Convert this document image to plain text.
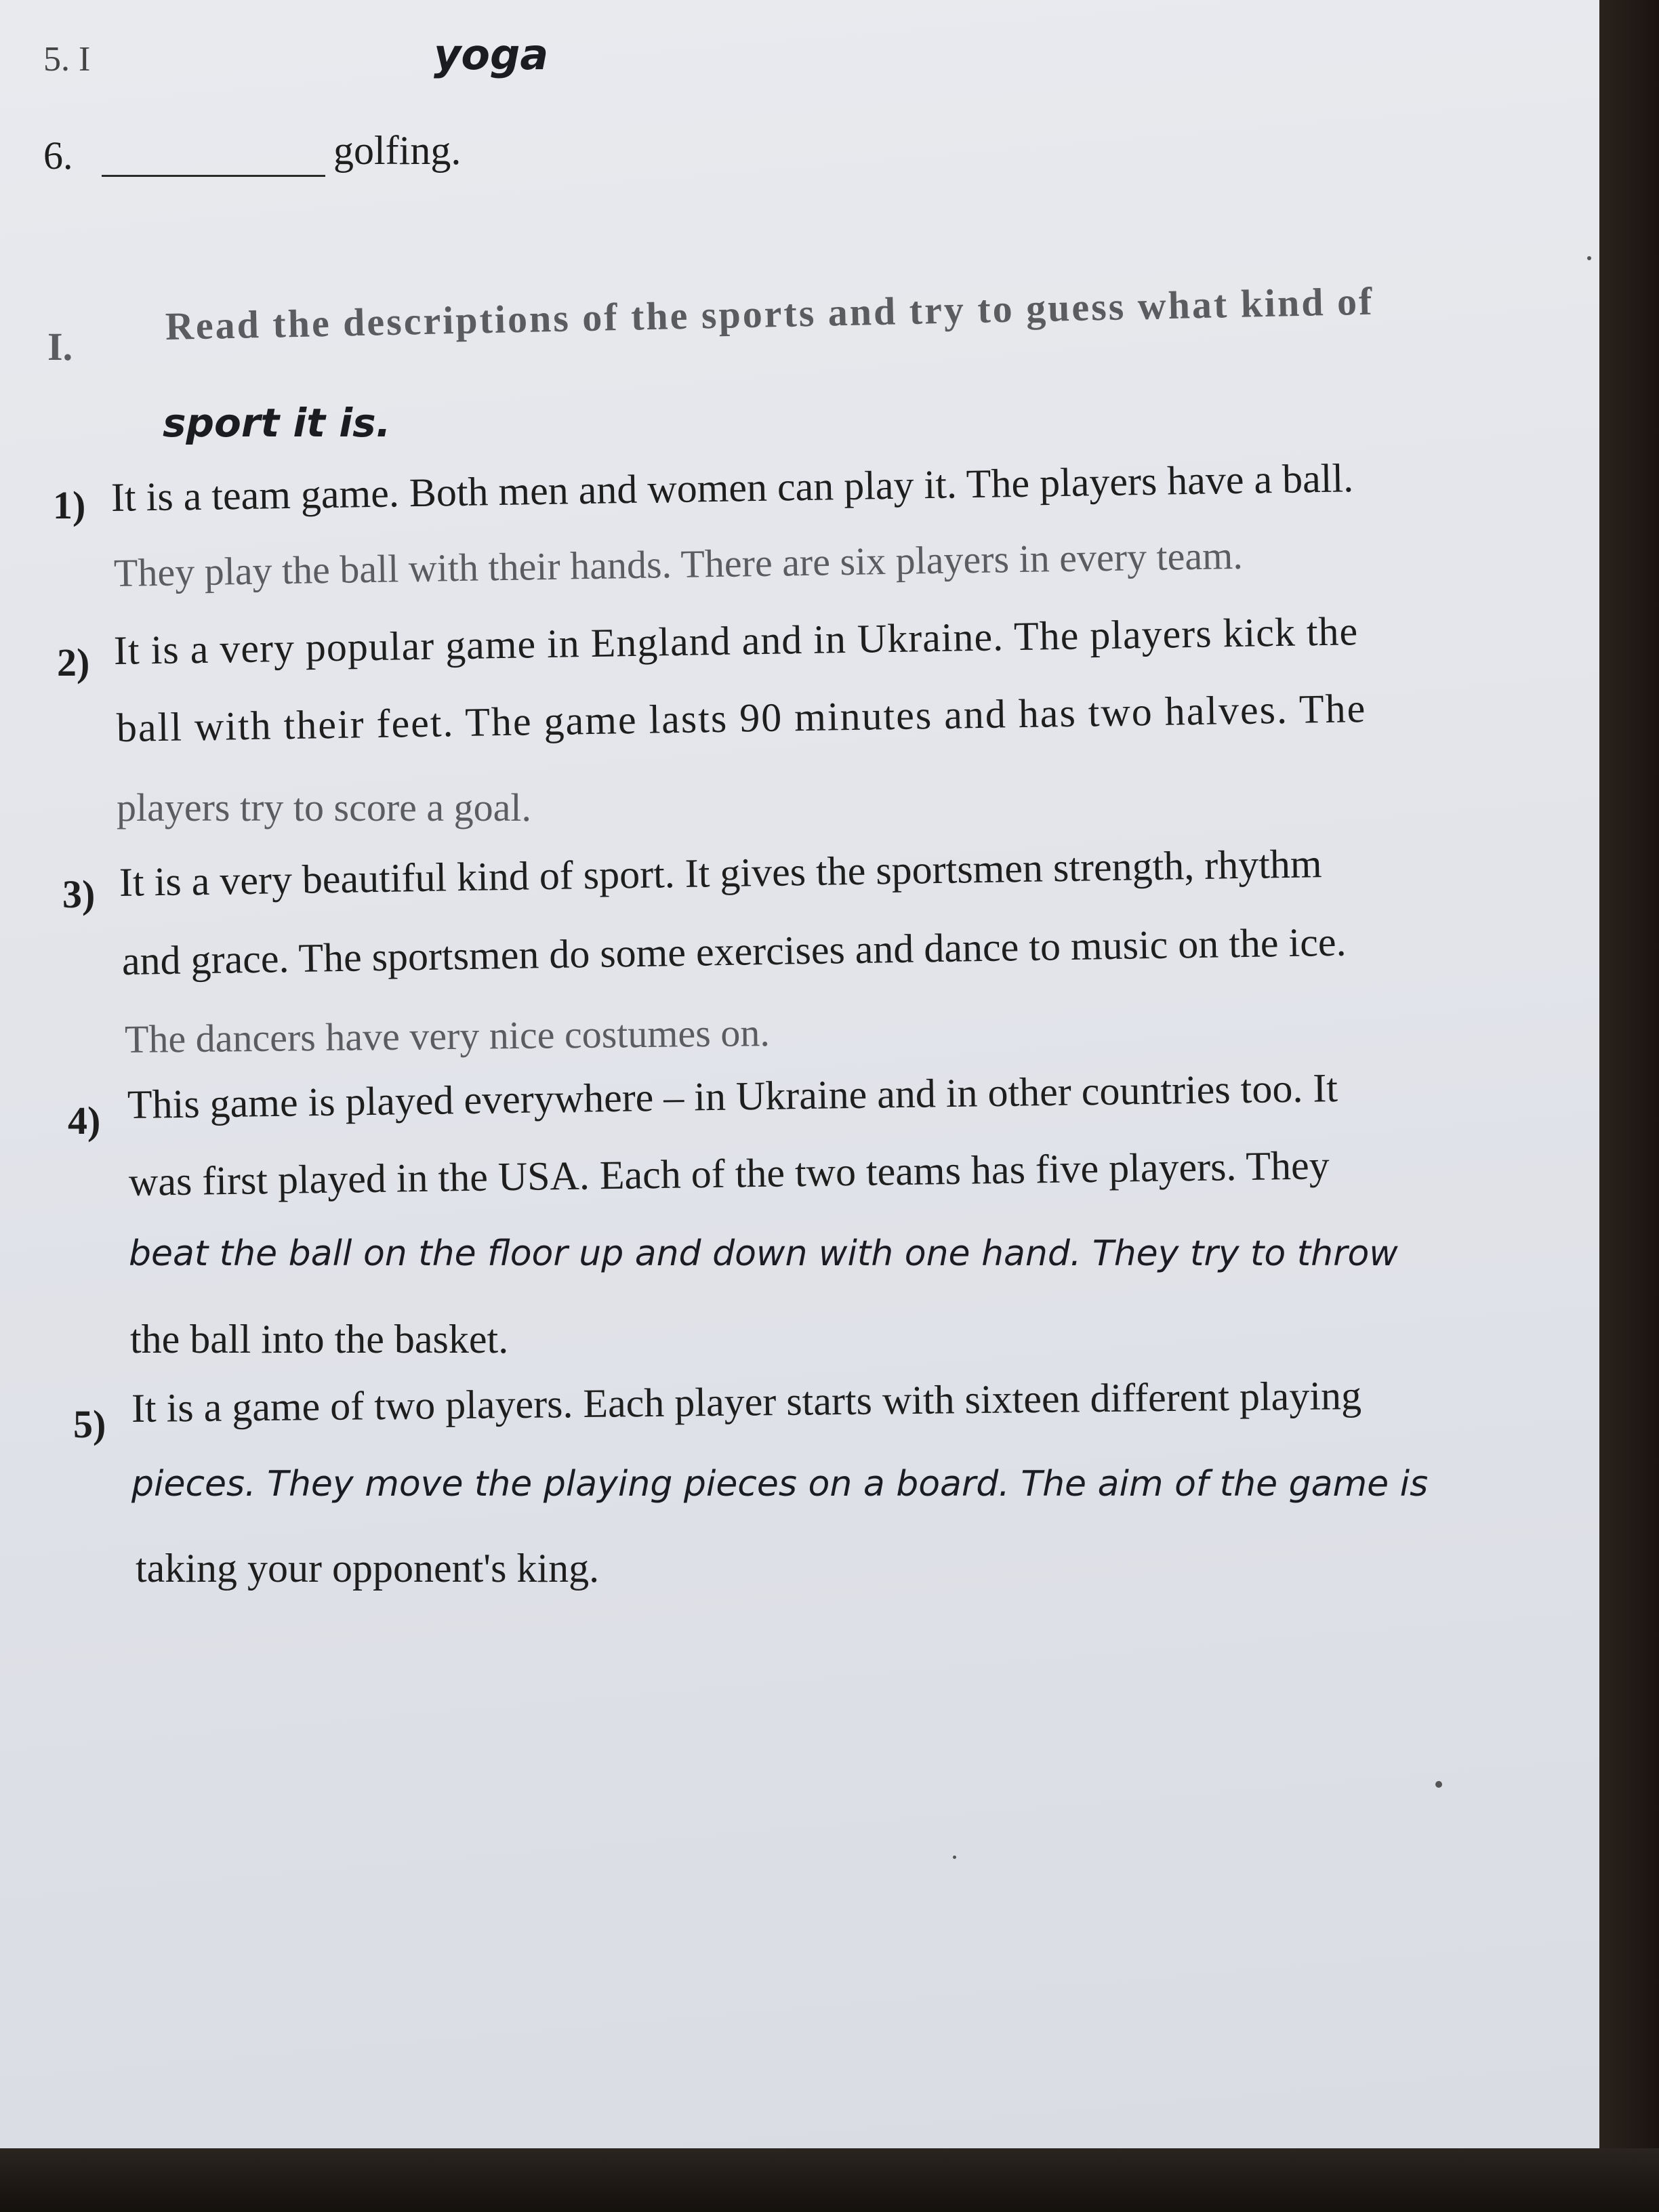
5. I	yoga
6.	golfing.
I. Read the descriptions of the sports and try to guess what kind of
sport it is.
1) It is a team game. Both men and women can play it. The players have a ball.
They play the ball with their hands. There are six players in every team.
2) It is a very popular game in England and in Ukraine. The players kick the
ball with their feet. The game lasts 90 minutes and has two halves. The
players try to score a goal.
3) It is a very beautiful kind of sport. It gives the sportsmen strength, rhythm
and grace. The sportsmen do some exercises and dance to music on the ice.
The dancers have very nice costumes on.
4) This game is played everywhere – in Ukraine and in other countries too. It
was first played in the USA. Each of the two teams has five players. They
beat the ball on the floor up and down with one hand. They try to throw
the ball into the basket.
5) It is a game of two players. Each player starts with sixteen different playing
pieces. They move the playing pieces on a board. The aim of the game is
taking your opponent's king.
